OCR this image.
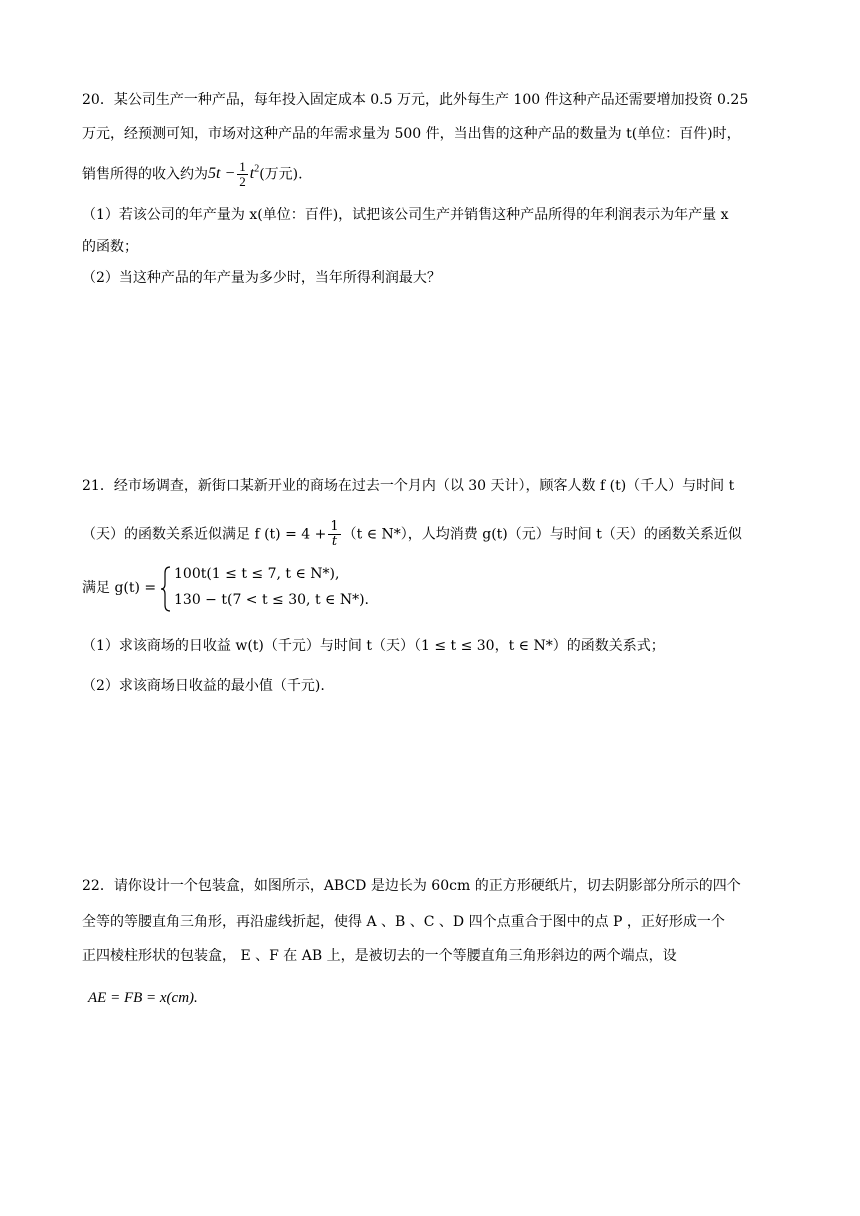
20．某公司生产一种产品，每年投入固定成本 0.5 万元，此外每生产 100 件这种产品还需要增加投资 0.25
万元，经预测可知，市场对这种产品的年需求量为 500 件，当出售的这种产品的数量为 t(单位：百件)时，
销售所得的收入约为$5t - \frac{1}{2} t^2$(万元).
（1）若该公司的年产量为 x(单位：百件)，试把该公司生产并销售这种产品所得的年利润表示为年产量 x
的函数；
（2）当这种产品的年产量为多少时，当年所得利润最大？
21．经市场调查，新街口某新开业的商场在过去一个月内（以 30 天计），顾客人数 f (t)（千人）与时间 t
（天）的函数关系近似满足 f $(t) = 4 + \frac{1}{t} (t$ ∈ N*），人均消费 g(t)（元）与时间 t（天）的函数关系近似
满足 g(t) =
100t(1 ≤ t ≤ 7, t ∈ N*),
130 − t(7 < t ≤ 30, t ∈ N*).
（1）求该商场的日收益 w(t)（千元）与时间 t（天）（1 ≤ t ≤ 30，t ∈ N*）的函数关系式；
（2）求该商场日收益的最小值（千元).
22．请你设计一个包装盒，如图所示，ABCD 是边长为 60cm 的正方形硬纸片，切去阴影部分所示的四个
全等的等腰直角三角形，再沿虚线折起，使得 A 、B 、C 、D 四个点重合于图中的点 P ，正好形成一个
正四棱柱形状的包装盒， E 、F 在 AB 上，是被切去的一个等腰直角三角形斜边的两个端点，设
AE = FB = x(cm).
